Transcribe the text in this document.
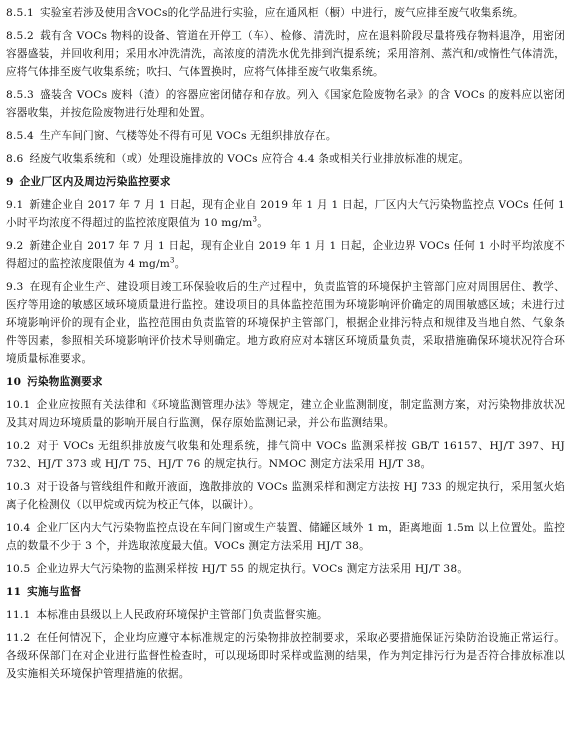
8.5.1 实验室若涉及使用含VOCs的化学品进行实验，应在通风柜（橱）中进行，废气应排至废气收集系统。

8.5.2 载有含 VOCs 物料的设备、管道在开停工（车）、检修、清洗时，应在退料阶段尽量将残存物料退净，用密闭容器盛装，并回收利用；采用水冲洗清洗，高浓度的清洗水优先排到汽提系统；采用溶剂、蒸汽和/或惰性气体清洗，应将气体排至废气收集系统；吹扫、气体置换时，应将气体排至废气收集系统。

8.5.3 盛装含 VOCs 废料（渣）的容器应密闭储存和存放。列入《国家危险废物名录》的含 VOCs 的废料应以密闭容器收集，并按危险废物进行处理和处置。

8.5.4 生产车间门窗、气楼等处不得有可见 VOCs 无组织排放存在。

8.6 经废气收集系统和（或）处理设施排放的 VOCs 应符合 4.4 条或相关行业排放标准的规定。

9 企业厂区内及周边污染监控要求

9.1 新建企业自 2017 年 7 月 1 日起，现有企业自 2019 年 1 月 1 日起，厂区内大气污染物监控点 VOCs 任何 1 小时平均浓度不得超过的监控浓度限值为 10 $mg/m^3$。

9.2 新建企业自 2017 年 7 月 1 日起，现有企业自 2019 年 1 月 1 日起，企业边界 VOCs 任何 1 小时平均浓度不得超过的监控浓度限值为 4 $mg/m^3$。

9.3 在现有企业生产、建设项目竣工环保验收后的生产过程中，负责监管的环境保护主管部门应对周围居住、教学、医疗等用途的敏感区域环境质量进行监控。建设项目的具体监控范围为环境影响评价确定的周围敏感区域；未进行过环境影响评价的现有企业，监控范围由负责监管的环境保护主管部门，根据企业排污特点和规律及当地自然、气象条件等因素，参照相关环境影响评价技术导则确定。地方政府应对本辖区环境质量负责，采取措施确保环境状况符合环境质量标准要求。

10 污染物监测要求

10.1 企业应按照有关法律和《环境监测管理办法》等规定，建立企业监测制度，制定监测方案，对污染物排放状况及其对周边环境质量的影响开展自行监测，保存原始监测记录，并公布监测结果。

10.2 对于 VOCs 无组织排放废气收集和处理系统，排气筒中 VOCs 监测采样按 GB/T 16157、HJ/T 397、HJ 732、HJ/T 373 或 HJ/T 75、HJ/T 76 的规定执行。NMOC 测定方法采用 HJ/T 38。

10.3 对于设备与管线组件和敞开液面，逸散排放的 VOCs 监测采样和测定方法按 HJ 733 的规定执行，采用氢火焰离子化检测仪（以甲烷或丙烷为校正气体，以碳计）。

10.4 企业厂区内大气污染物监控点设在车间门窗或生产装置、储罐区域外 1 m，距离地面 1.5m 以上位置处。监控点的数量不少于 3 个，并选取浓度最大值。VOCs 测定方法采用 HJ/T 38。

10.5 企业边界大气污染物的监测采样按 HJ/T 55 的规定执行。VOCs 测定方法采用 HJ/T 38。

11 实施与监督

11.1 本标准由县级以上人民政府环境保护主管部门负责监督实施。

11.2 在任何情况下，企业均应遵守本标准规定的污染物排放控制要求，采取必要措施保证污染防治设施正常运行。各级环保部门在对企业进行监督性检查时，可以现场即时采样或监测的结果，作为判定排污行为是否符合排放标准以及实施相关环境保护管理措施的依据。
